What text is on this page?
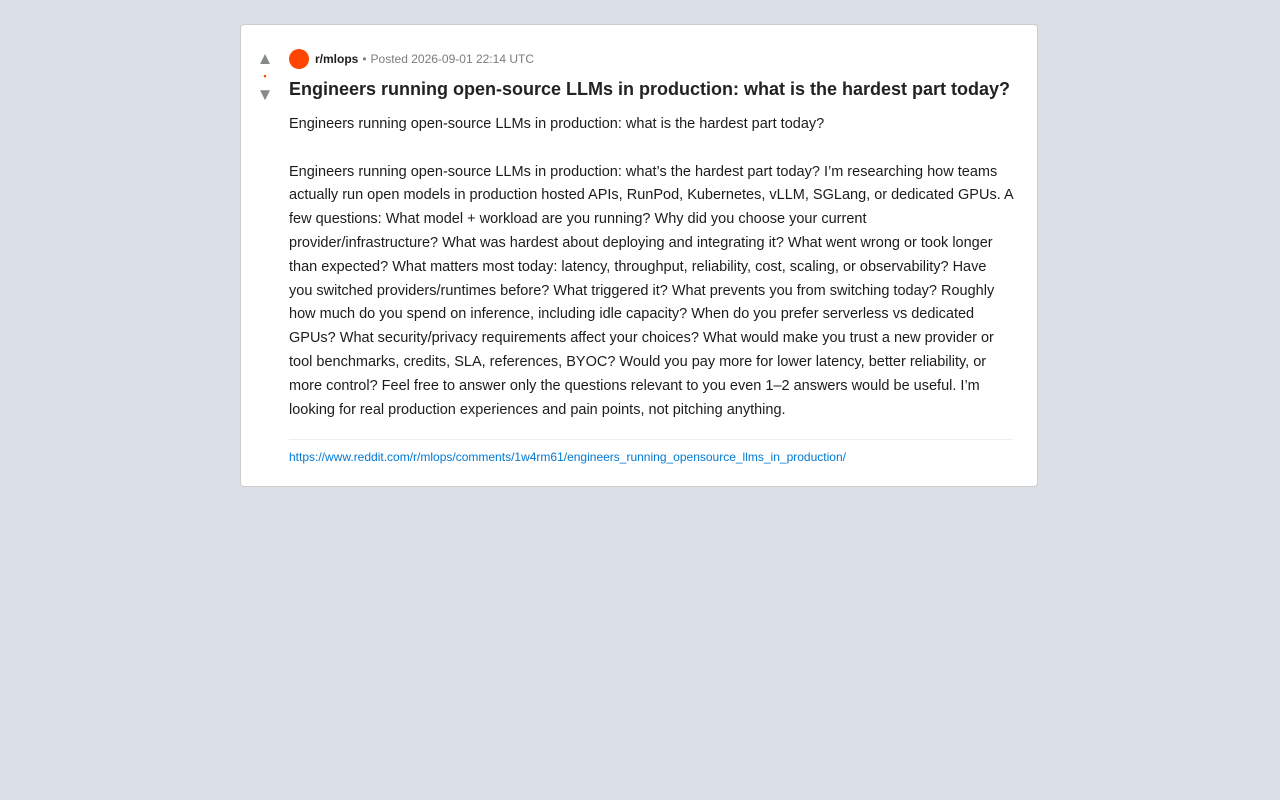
▲
•
▼
r/mlops • Posted 2026-09-01 22:14 UTC
Engineers running open-source LLMs in production: what is the hardest part today?

Engineers running open-source LLMs in production: what is the hardest part today?

Engineers running open-source LLMs in production: what’s the hardest part today? I’m researching how teams actually run open models in production hosted APIs, RunPod, Kubernetes, vLLM, SGLang, or dedicated GPUs. A few questions: What model + workload are you running? Why did you choose your current provider/infrastructure? What was hardest about deploying and integrating it? What went wrong or took longer than expected? What matters most today: latency, throughput, reliability, cost, scaling, or observability? Have you switched providers/runtimes before? What triggered it? What prevents you from switching today? Roughly how much do you spend on inference, including idle capacity? When do you prefer serverless vs dedicated GPUs? What security/privacy requirements affect your choices? What would make you trust a new provider or tool benchmarks, credits, SLA, references, BYOC? Would you pay more for lower latency, better reliability, or more control? Feel free to answer only the questions relevant to you even 1–2 answers would be useful. I’m looking for real production experiences and pain points, not pitching anything.

https://www.reddit.com/r/mlops/comments/1w4rm61/engineers_running_opensource_llms_in_production/
